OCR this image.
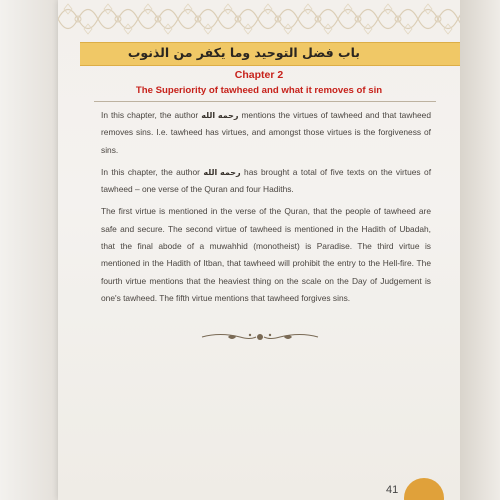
باب فضل التوحيد وما يكفر من الذنوب
Chapter 2
The Superiority of tawheed and what it removes of sin

In this chapter, the author رحمه الله mentions the virtues of tawheed and that tawheed removes sins. I.e. tawheed has virtues, and amongst those virtues is the forgiveness of sins.

In this chapter, the author رحمه الله has brought a total of five texts on the virtues of tawheed – one verse of the Quran and four Hadiths.

The first virtue is mentioned in the verse of the Quran, that the people of tawheed are safe and secure. The second virtue of tawheed is mentioned in the Hadith of Ubadah, that the final abode of a muwahhid (monotheist) is Paradise. The third virtue is mentioned in the Hadith of Itban, that tawheed will prohibit the entry to the Hell-fire. The fourth virtue mentions that the heaviest thing on the scale on the Day of Judgement is one's tawheed. The fifth virtue mentions that tawheed forgives sins.

41
